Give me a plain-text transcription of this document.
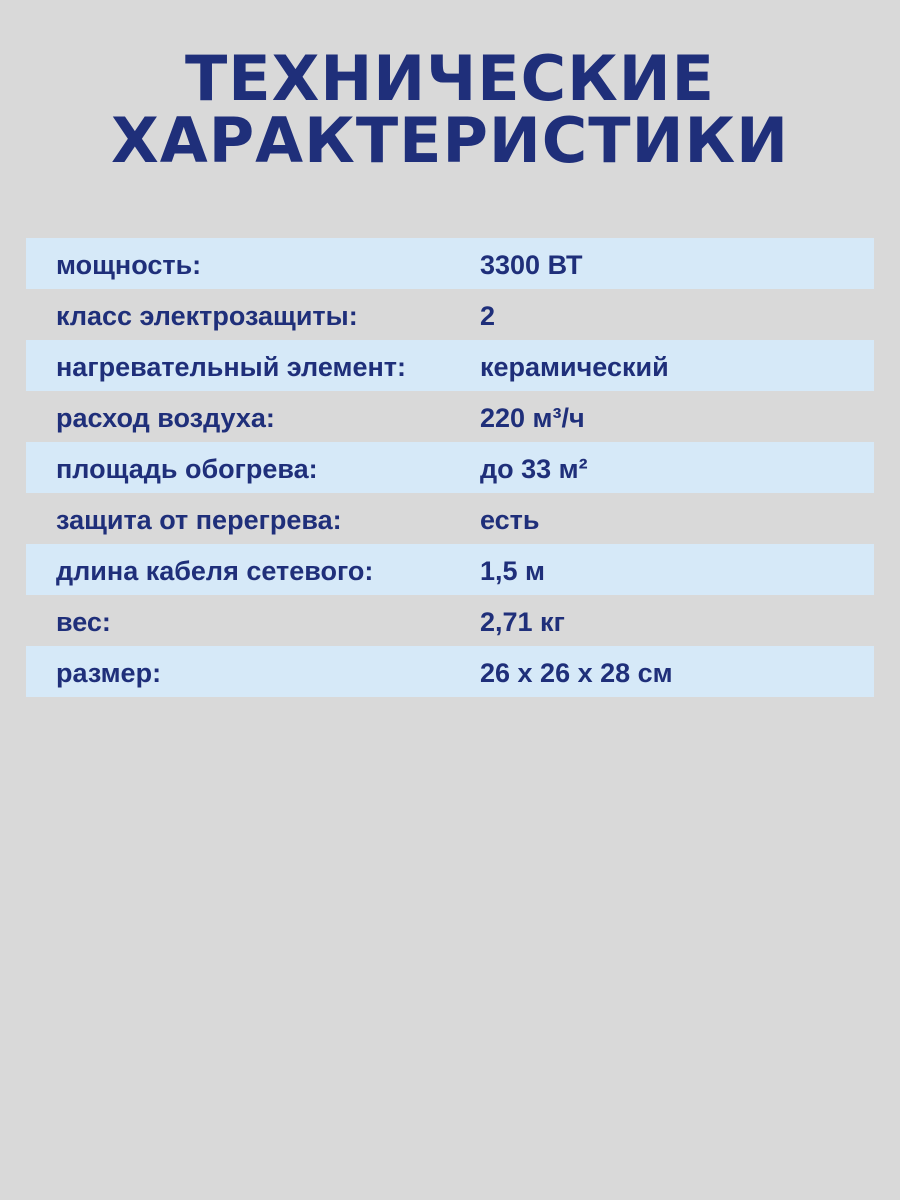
ТЕХНИЧЕСКИЕ
ХАРАКТЕРИСТИКИ
мощность:	3300 ВТ
класс электрозащиты:	2
нагревательный элемент:	керамический
расход воздуха:	220 м³/ч
площадь обогрева:	до 33 м²
защита от перегрева:	есть
длина кабеля сетевого:	1,5 м
вес:	2,71 кг
размер:	26 х 26 х 28 см
